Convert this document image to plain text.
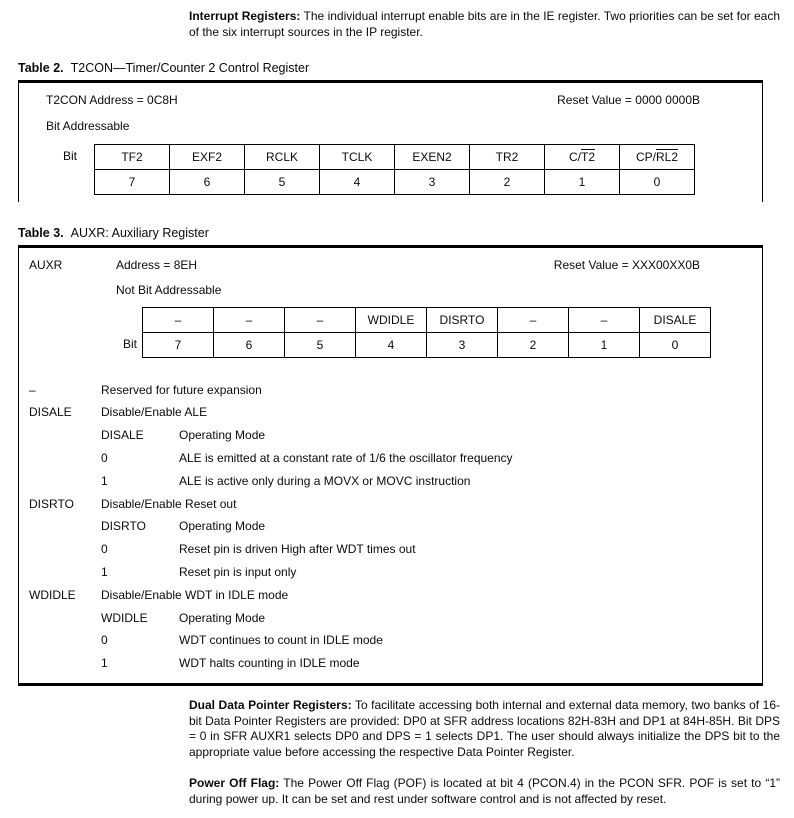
Interrupt Registers: The individual interrupt enable bits are in the IE register. Two priorities can be set for each of the six interrupt sources in the IP register.

Table 2. T2CON—Timer/Counter 2 Control Register
T2CON Address = 0C8H	Reset Value = 0000 0000B
Bit Addressable
Bit	TF2	EXF2	RCLK	TCLK	EXEN2	TR2	C/T2	CP/RL2
7	6	5	4	3	2	1	0
Table 3. AUXR: Auxiliary Register
AUXR	Address = 8EH	Reset Value = XXX00XX0B
Not Bit Addressable
Bit
–	–	–	WDIDLE	DISRTO	–	–	DISALE
7	6	5	4	3	2	1	0
–	Reserved for future expansion
DISALE	Disable/Enable ALE
DISALE	Operating Mode
0	ALE is emitted at a constant rate of 1/6 the oscillator frequency
1	ALE is active only during a MOVX or MOVC instruction
DISRTO	Disable/Enable Reset out
DISRTO	Operating Mode
0	Reset pin is driven High after WDT times out
1	Reset pin is input only
WDIDLE	Disable/Enable WDT in IDLE mode
WDIDLE	Operating Mode
0	WDT continues to count in IDLE mode
1	WDT halts counting in IDLE mode

Dual Data Pointer Registers: To facilitate accessing both internal and external data memory, two banks of 16-bit Data Pointer Registers are provided: DP0 at SFR address locations 82H-83H and DP1 at 84H-85H. Bit DPS = 0 in SFR AUXR1 selects DP0 and DPS = 1 selects DP1. The user should always initialize the DPS bit to the appropriate value before accessing the respective Data Pointer Register.

Power Off Flag: The Power Off Flag (POF) is located at bit 4 (PCON.4) in the PCON SFR. POF is set to “1” during power up. It can be set and rest under software control and is not affected by reset.
